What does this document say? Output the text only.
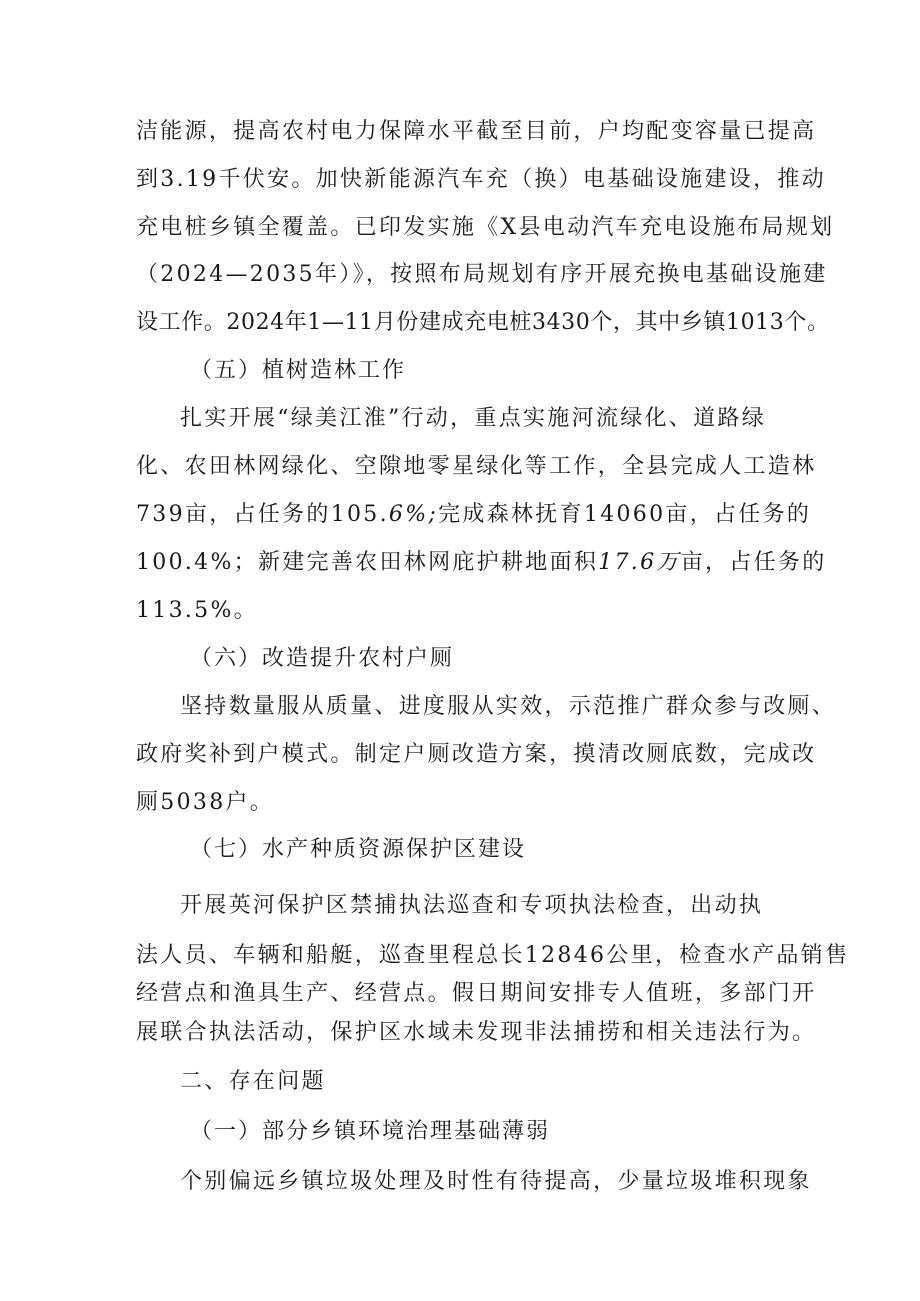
洁能源，提高农村电力保障水平截至目前，户均配变容量已提高
到3.19千伏安。加快新能源汽车充（换）电基础设施建设，推动
充电桩乡镇全覆盖。已印发实施《X县电动汽车充电设施布局规划
（2024—2035年）》，按照布局规划有序开展充换电基础设施建
设工作。2024年1—11月份建成充电桩3430个，其中乡镇1013个。
（五）植树造林工作
扎实开展“绿美江淮”行动，重点实施河流绿化、道路绿
化、农田林网绿化、空隙地零星绿化等工作，全县完成人工造林
739亩，占任务的105.6%;完成森林抚育14060亩，占任务的
100.4%；新建完善农田林网庇护耕地面积17.6万亩，占任务的
113.5%。
（六）改造提升农村户厕
坚持数量服从质量、进度服从实效，示范推广群众参与改厕、
政府奖补到户模式。制定户厕改造方案，摸清改厕底数，完成改
厕5038户。
（七）水产种质资源保护区建设
开展英河保护区禁捕执法巡查和专项执法检查，出动执
法人员、车辆和船艇，巡查里程总长12846公里，检查水产品销售
经营点和渔具生产、经营点。假日期间安排专人值班，多部门开
展联合执法活动，保护区水域未发现非法捕捞和相关违法行为。
二、存在问题
（一）部分乡镇环境治理基础薄弱
个别偏远乡镇垃圾处理及时性有待提高，少量垃圾堆积现象
